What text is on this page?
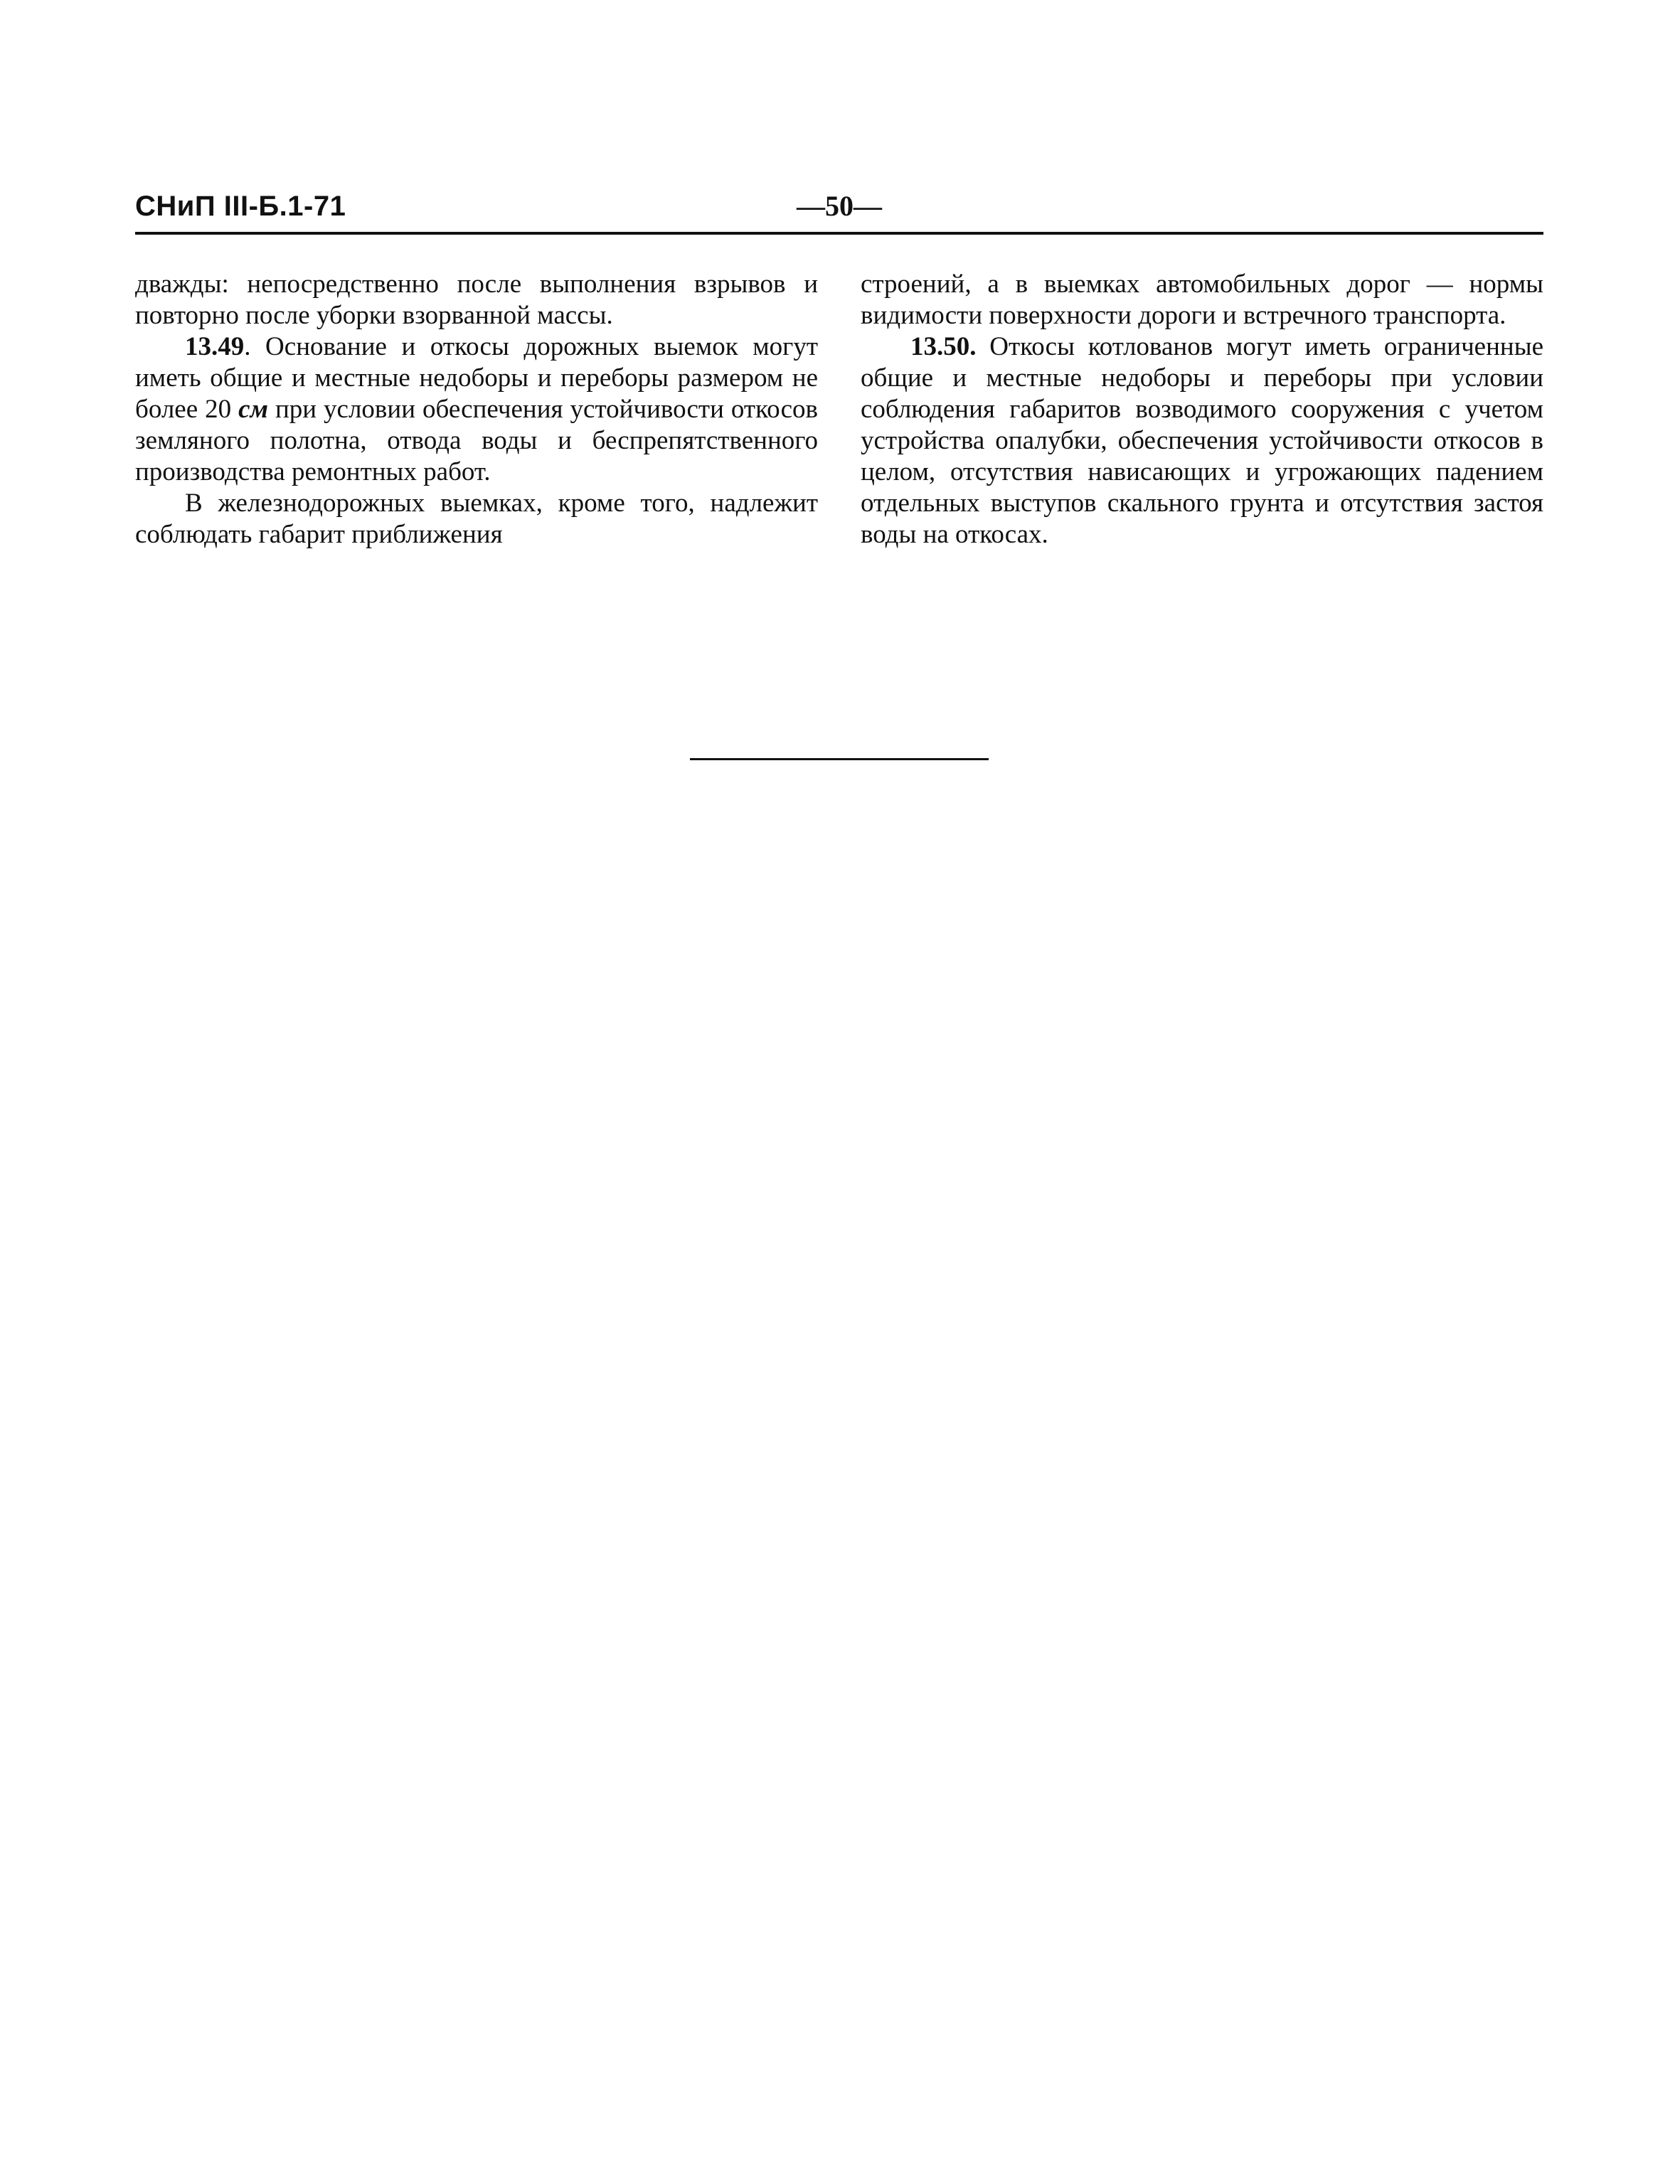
СНиП III-Б.1-71	—50—

дважды: непосредственно после выполнения взрывов и повторно после уборки взорванной массы.

13.49. Основание и откосы дорожных выемок могут иметь общие и местные недоборы и переборы размером не более 20 см при условии обеспечения устойчивости откосов земляного полотна, отвода воды и беспрепятственного производства ремонтных работ.

В железнодорожных выемках, кроме того, надлежит соблюдать габарит приближения

строений, а в выемках автомобильных дорог — нормы видимости поверхности дороги и встречного транспорта.

13.50. Откосы котлованов могут иметь ограниченные общие и местные недоборы и переборы при условии соблюдения габаритов возводимого сооружения с учетом устройства опалубки, обеспечения устойчивости откосов в целом, отсутствия нависающих и угрожающих падением отдельных выступов скального грунта и отсутствия застоя воды на откосах.
